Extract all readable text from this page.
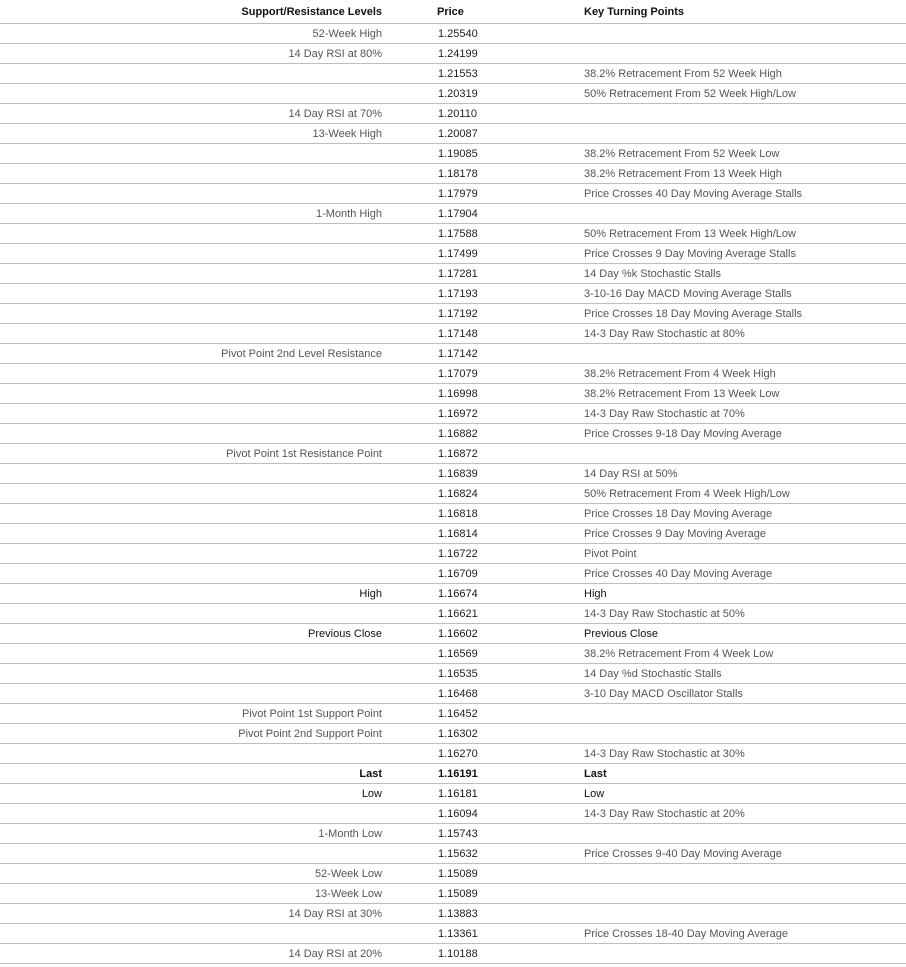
Support/Resistance Levels	Price	Key Turning Points
52-Week High	1.25540	
14 Day RSI at 80%	1.24199	
	1.21553	38.2% Retracement From 52 Week High
	1.20319	50% Retracement From 52 Week High/Low
14 Day RSI at 70%	1.20110	
13-Week High	1.20087	
	1.19085	38.2% Retracement From 52 Week Low
	1.18178	38.2% Retracement From 13 Week High
	1.17979	Price Crosses 40 Day Moving Average Stalls
1-Month High	1.17904	
	1.17588	50% Retracement From 13 Week High/Low
	1.17499	Price Crosses 9 Day Moving Average Stalls
	1.17281	14 Day %k Stochastic Stalls
	1.17193	3-10-16 Day MACD Moving Average Stalls
	1.17192	Price Crosses 18 Day Moving Average Stalls
	1.17148	14-3 Day Raw Stochastic at 80%
Pivot Point 2nd Level Resistance	1.17142	
	1.17079	38.2% Retracement From 4 Week High
	1.16998	38.2% Retracement From 13 Week Low
	1.16972	14-3 Day Raw Stochastic at 70%
	1.16882	Price Crosses 9-18 Day Moving Average
Pivot Point 1st Resistance Point	1.16872	
	1.16839	14 Day RSI at 50%
	1.16824	50% Retracement From 4 Week High/Low
	1.16818	Price Crosses 18 Day Moving Average
	1.16814	Price Crosses 9 Day Moving Average
	1.16722	Pivot Point
	1.16709	Price Crosses 40 Day Moving Average
High	1.16674	High
	1.16621	14-3 Day Raw Stochastic at 50%
Previous Close	1.16602	Previous Close
	1.16569	38.2% Retracement From 4 Week Low
	1.16535	14 Day %d Stochastic Stalls
	1.16468	3-10 Day MACD Oscillator Stalls
Pivot Point 1st Support Point	1.16452	
Pivot Point 2nd Support Point	1.16302	
	1.16270	14-3 Day Raw Stochastic at 30%
Last	1.16191	Last
Low	1.16181	Low
	1.16094	14-3 Day Raw Stochastic at 20%
1-Month Low	1.15743	
	1.15632	Price Crosses 9-40 Day Moving Average
52-Week Low	1.15089	
13-Week Low	1.15089	
14 Day RSI at 30%	1.13883	
	1.13361	Price Crosses 18-40 Day Moving Average
14 Day RSI at 20%	1.10188	
